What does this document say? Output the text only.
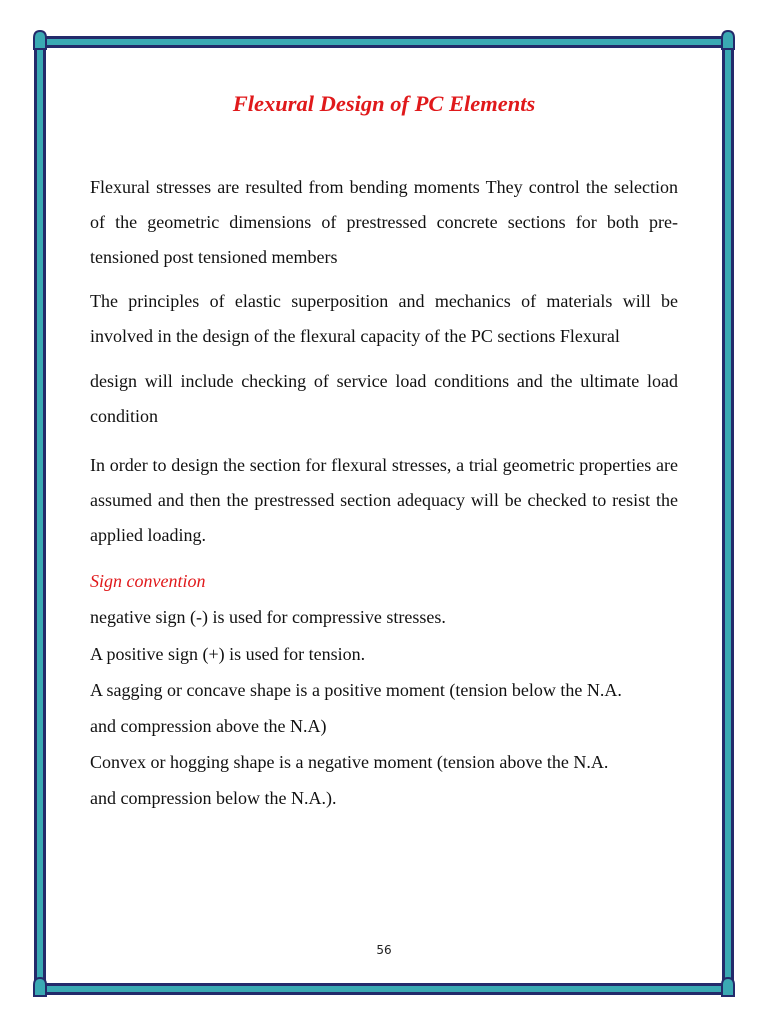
Flexural Design of PC Elements

Flexural stresses are resulted from bending moments They control the selection of the geometric dimensions of prestressed concrete sections for both pre-tensioned post tensioned members

The principles of elastic superposition and mechanics of materials will be involved in the design of the flexural capacity of the PC sections Flexural
design will include checking of service load conditions and the ultimate load condition

In order to design the section for flexural stresses, a trial geometric properties are assumed and then the prestressed section adequacy will be checked to resist the applied loading.

Sign convention
negative sign (-) is used for compressive stresses.
A positive sign (+) is used for tension.
A sagging or concave shape is a positive moment (tension below the N.A.
and compression above the N.A)
Convex or hogging shape is a negative moment (tension above the N.A.
and compression below the N.A.).
56
